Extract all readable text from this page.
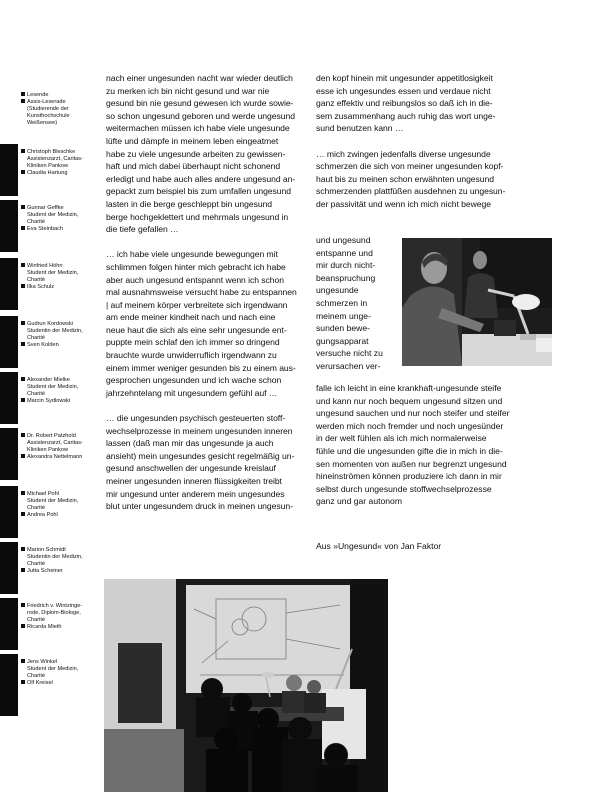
Lesende
Assis-Leserade
(Studierende der
Kunsthochschule
Weißensee)
Christoph Bleschke
Assistenzarzt, Caritas-
Kliniken Pankow
Claudia Hartung
Gunnar Geffke
Student der Medizin,
Charité
Eva Steinbach
Winfried Höhn
Student der Medizin,
Charité
Ilka Schulz
Gudrun Kordowski
Studentin der Medizin,
Charité
Sven Kolden
Alexander Mielke
Student der Medizin,
Charité
Marcin Sydlowski
Dr. Robert Patzhold
Assistenzarzt, Caritas-
Kliniken Pankow
Alexandra Nettelmann
Michael Pohl
Student der Medizin,
Charité
Andrea Pohl
Marion Schmidt
Studentin der Medizin,
Charité
Jutta Scheiner
Friedrich v. Wintzinge-
rode, Diplom-Biologe,
Charité
Ricarda Mieth
Jens Winkel
Student der Medizin,
Charité
Olf Kreisel

nach einer ungesunden nacht war wieder deutlich
zu merken ich bin nicht gesund und war nie
gesund bin nie gesund gewesen ich wurde sowie-
so schon ungesund geboren und werde ungesund
weitermachen müssen ich habe viele ungesunde
lüfte und dämpfe in meinem leben eingeatmet
habe zu viele ungesunde arbeiten zu gewissen-
haft und mich dabei überhaupt nicht schonend
erledigt und habe auch alles andere ungesund an-
gepackt zum beispiel bis zum umfallen ungesund
lasten in die berge geschleppt bin ungesund
berge hochgeklettert und mehrmals ungesund in
die tiefe gefallen …

… ich habe viele ungesunde bewegungen mit
schlimmen folgen hinter mich gebracht ich habe
aber auch ungesund entspannt wenn ich schon
mal ausnahmsweise versucht habe zu entspannen
| auf meinem körper verbreitete sich irgendwann
am ende meiner kindheit nach und nach eine
neue haut die sich als eine sehr ungesunde ent-
puppte mein schlaf den ich immer so dringend
brauchte wurde unwiderruflich irgendwann zu
einem immer weniger gesunden bis zu einem aus-
gesprochen ungesunden und ich wache schon
jahrzehntelang mit ungesundem gefühl auf …

… die ungesunden psychisch gesteuerten stoff-
wechselprozesse in meinem ungesunden inneren
lassen (daß man mir das ungesunde ja auch
ansieht) mein ungesundes gesicht regelmäßig un-
gesund anschwellen der ungesunde kreislauf
meiner ungesunden inneren flüssigkeiten treibt
mir ungesund unter anderem mein ungesundes
blut unter ungesundem druck in meinen ungesun-

den kopf hinein mit ungesunder appetitlosigkeit
esse ich ungesundes essen und verdaue nicht
ganz effektiv und reibungslos so daß ich in die-
sem zusammenhang auch ruhig das wort unge-
sund benutzen kann …

… mich zwingen jedenfalls diverse ungesunde
schmerzen die sich von meiner ungesunden kopf-
haut bis zu meinen schon erwähnten ungesund
schmerzenden plattfüßen ausdehnen zu ungesun-
der passivität und wenn ich mich nicht bewege

und ungesund
entspanne und
mir durch nicht-
beanspruchung
ungesunde
schmerzen in
meinem unge-
sunden bewe-
gungsapparat
versuche nicht zu
verursachen ver-
falle ich leicht in eine krankhaft-ungesunde steife
und kann nur noch bequem ungesund sitzen und
ungesund sauchen und nur noch steifer und steifer
werden mich noch fremder und noch ungesünder
in der welt fühlen als ich mich normalerweise
fühle und die ungesunden gifte die in mich in die-
sen momenten von außen nur begrenzt ungesund
hineinströmen können produziere ich dann in mir
selbst durch ungesunde stoffwechselprozesse
ganz und gar autonom
Aus »Ungesund« von Jan Faktor
